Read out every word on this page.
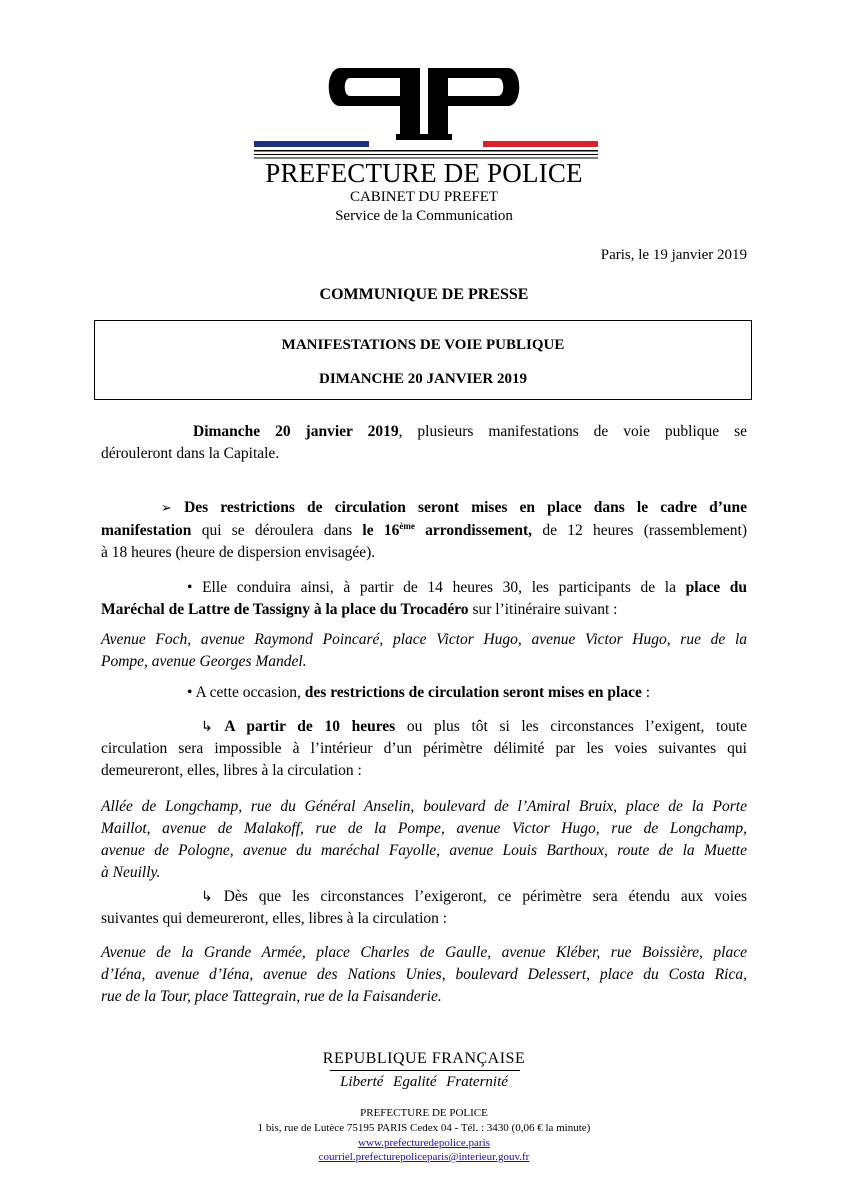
PREFECTURE DE POLICE
CABINET DU PREFET
Service de la Communication
Paris, le 19 janvier 2019
COMMUNIQUE DE PRESSE
MANIFESTATIONS DE VOIE PUBLIQUE
DIMANCHE 20 JANVIER 2019
Dimanche 20 janvier 2019, plusieurs manifestations de voie publique se
dérouleront dans la Capitale.
➢ Des restrictions de circulation seront mises en place dans le cadre d’une
manifestation qui se déroulera dans le 16ème arrondissement, de 12 heures (rassemblement)
à 18 heures (heure de dispersion envisagée).
• Elle conduira ainsi, à partir de 14 heures 30, les participants de la place du
Maréchal de Lattre de Tassigny à la place du Trocadéro sur l’itinéraire suivant :
Avenue Foch, avenue Raymond Poincaré, place Victor Hugo, avenue Victor Hugo, rue de la
Pompe, avenue Georges Mandel.
• A cette occasion, des restrictions de circulation seront mises en place :
↳ A partir de 10 heures ou plus tôt si les circonstances l’exigent, toute
circulation sera impossible à l’intérieur d’un périmètre délimité par les voies suivantes qui
demeureront, elles, libres à la circulation :
Allée de Longchamp, rue du Général Anselin, boulevard de l’Amiral Bruix, place de la Porte
Maillot, avenue de Malakoff, rue de la Pompe, avenue Victor Hugo, rue de Longchamp,
avenue de Pologne, avenue du maréchal Fayolle, avenue Louis Barthoux, route de la Muette
à Neuilly.
↳ Dès que les circonstances l’exigeront, ce périmètre sera étendu aux voies
suivantes qui demeureront, elles, libres à la circulation :
Avenue de la Grande Armée, place Charles de Gaulle, avenue Kléber, rue Boissière, place
d’Iéna, avenue d’Iéna, avenue des Nations Unies, boulevard Delessert, place du Costa Rica,
rue de la Tour, place Tattegrain, rue de la Faisanderie.
REPUBLIQUE FRANÇAISE
Liberté Egalité Fraternité
PREFECTURE DE POLICE
1 bis, rue de Lutèce 75195 PARIS Cedex 04 - Tél. : 3430 (0,06 € la minute)
www.prefecturedepolice.paris
courriel.prefecturepoliceparis@interieur.gouv.fr
